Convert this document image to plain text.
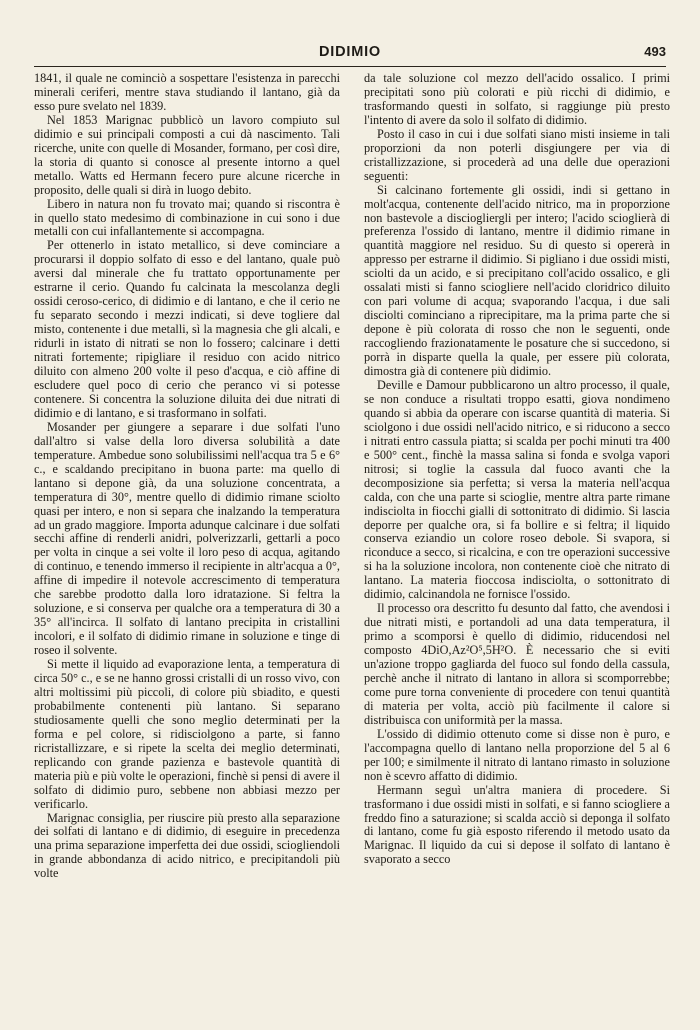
DIDIMIO	493

1841, il quale ne cominciò a sospettare l'esistenza in parecchi minerali ceriferi, mentre stava studiando il lantano, già da esso pure svelato nel 1839.

Nel 1853 Marignac pubblicò un lavoro compiuto sul didimio e sui principali composti a cui dà nascimento. Tali ricerche, unite con quelle di Mosander, formano, per così dire, la storia di quanto si conosce al presente intorno a quel metallo. Watts ed Hermann fecero pure alcune ricerche in proposito, delle quali si dirà in luogo debito.

Libero in natura non fu trovato mai; quando si riscontra è in quello stato medesimo di combinazione in cui sono i due metalli con cui infallantemente si accompagna.

Per ottenerlo in istato metallico, si deve cominciare a procurarsi il doppio solfato di esso e del lantano, quale può aversi dal minerale che fu trattato opportunamente per estrarne il cerio. Quando fu calcinata la mescolanza degli ossidi ceroso-cerico, di didimio e di lantano, e che il cerio ne fu separato secondo i mezzi indicati, si deve togliere dal misto, contenente i due metalli, sì la magnesia che gli alcali, e ridurli in istato di nitrati se non lo fossero; calcinare i detti nitrati fortemente; ripigliare il residuo con acido nitrico diluito con almeno 200 volte il peso d'acqua, e ciò affine di escludere quel poco di cerio che peranco vi si potesse contenere. Si concentra la soluzione diluita dei due nitrati di didimio e di lantano, e si trasformano in solfati.

Mosander per giungere a separare i due solfati l'uno dall'altro si valse della loro diversa solubilità a date temperature. Ambedue sono solubilissimi nell'acqua tra 5 e 6° c., e scaldando precipitano in buona parte: ma quello di lantano si depone già, da una soluzione concentrata, a temperatura di 30°, mentre quello di didimio rimane sciolto quasi per intero, e non si separa che inalzando la temperatura ad un grado maggiore. Importa adunque calcinare i due solfati secchi affine di renderli anidri, polverizzarli, gettarli a poco per volta in cinque a sei volte il loro peso di acqua, agitando di continuo, e tenendo immerso il recipiente in altr'acqua a 0°, affine di impedire il notevole accrescimento di temperatura che sarebbe prodotto dalla loro idratazione. Si feltra la soluzione, e si conserva per qualche ora a temperatura di 30 a 35° all'incirca. Il solfato di lantano precipita in cristallini incolori, e il solfato di didimio rimane in soluzione e tinge di roseo il solvente.

Si mette il liquido ad evaporazione lenta, a temperatura di circa 50° c., e se ne hanno grossi cristalli di un rosso vivo, con altri moltissimi più piccoli, di colore più sbiadito, e questi probabilmente contenenti più lantano. Si separano studiosamente quelli che sono meglio determinati per la forma e pel colore, si ridisciolgono a parte, si fanno ricristallizzare, e si ripete la scelta dei meglio determinati, replicando con grande pazienza e bastevole quantità di materia più e più volte le operazioni, finchè si pensi di avere il solfato di didimio puro, sebbene non abbiasi mezzo per verificarlo.

Marignac consiglia, per riuscire più presto alla separazione dei solfati di lantano e di didimio, di eseguire in precedenza una prima separazione imperfetta dei due ossidi, sciogliendoli in grande abbondanza di acido nitrico, e precipitandoli più volte

da tale soluzione col mezzo dell'acido ossalico. I primi precipitati sono più colorati e più ricchi di didimio, e trasformando questi in solfato, si raggiunge più presto l'intento di avere da solo il solfato di didimio.

Posto il caso in cui i due solfati siano misti insieme in tali proporzioni da non poterli disgiungere per via di cristallizzazione, si procederà ad una delle due operazioni seguenti:

Si calcinano fortemente gli ossidi, indi si gettano in molt'acqua, contenente dell'acido nitrico, ma in proporzione non bastevole a disciogliergli per intero; l'acido scioglierà di preferenza l'ossido di lantano, mentre il didimio rimane in quantità maggiore nel residuo. Su di questo si opererà in appresso per estrarne il didimio. Si pigliano i due ossidi misti, sciolti da un acido, e si precipitano coll'acido ossalico, e gli ossalati misti si fanno sciogliere nell'acido cloridrico diluito con pari volume di acqua; svaporando l'acqua, i due sali disciolti cominciano a riprecipitare, ma la prima parte che si depone è più colorata di rosso che non le seguenti, onde raccogliendo frazionatamente le posature che si succedono, si porrà in disparte quella la quale, per essere più colorata, dimostra già di contenere più didimio.

Deville e Damour pubblicarono un altro processo, il quale, se non conduce a risultati troppo esatti, giova nondimeno quando si abbia da operare con iscarse quantità di materia. Si sciolgono i due ossidi nell'acido nitrico, e si riducono a secco i nitrati entro cassula piatta; si scalda per pochi minuti tra 400 e 500° cent., finchè la massa salina si fonda e svolga vapori nitrosi; si toglie la cassula dal fuoco avanti che la decomposizione sia perfetta; si versa la materia nell'acqua calda, con che una parte si scioglie, mentre altra parte rimane indisciolta in fiocchi gialli di sottonitrato di didimio. Si lascia deporre per qualche ora, si fa bollire e si feltra; il liquido conserva eziandio un colore roseo debole. Si svapora, si riconduce a secco, si ricalcina, e con tre operazioni successive si ha la soluzione incolora, non contenente cioè che nitrato di lantano. La materia fioccosa indisciolta, o sottonitrato di didimio, calcinandola ne fornisce l'ossido.

Il processo ora descritto fu desunto dal fatto, che avendosi i due nitrati misti, e portandoli ad una data temperatura, il primo a scomporsi è quello di didimio, riducendosi nel composto 4DiO,Az²O⁵,5H²O. È necessario che si eviti un'azione troppo gagliarda del fuoco sul fondo della cassula, perchè anche il nitrato di lantano in allora si scomporrebbe; come pure torna conveniente di procedere con tenui quantità di materia per volta, acciò più facilmente il calore si distribuisca con uniformità per la massa.

L'ossido di didimio ottenuto come si disse non è puro, e l'accompagna quello di lantano nella proporzione del 5 al 6 per 100; e similmente il nitrato di lantano rimasto in soluzione non è scevro affatto di didimio.

Hermann seguì un'altra maniera di procedere. Si trasformano i due ossidi misti in solfati, e si fanno sciogliere a freddo fino a saturazione; si scalda acciò si deponga il solfato di lantano, come fu già esposto riferendo il metodo usato da Marignac. Il liquido da cui si depose il solfato di lantano è svaporato a secco
